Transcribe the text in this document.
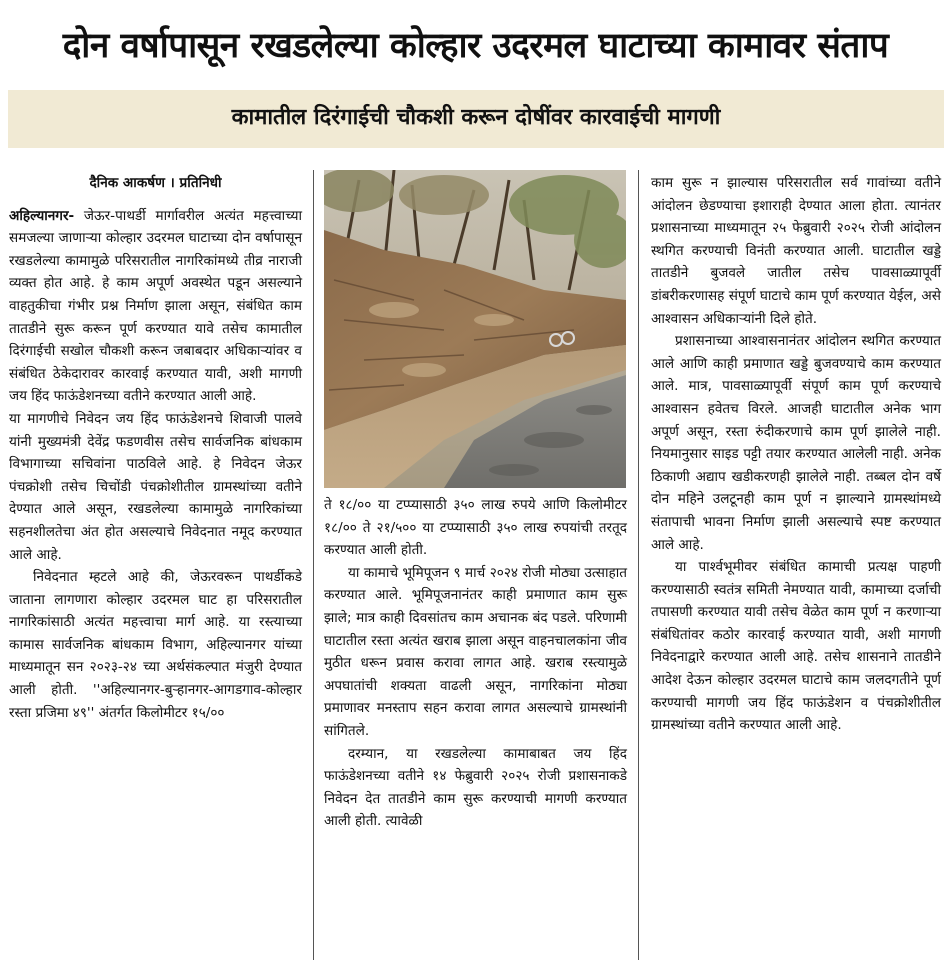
दोन वर्षापासून रखडलेल्या कोल्हार उदरमल घाटाच्या कामावर संताप
कामातील दिरंगाईची चौकशी करून दोषींवर कारवाईची मागणी

दैनिक आकर्षण । प्रतिनिधी

अहिल्यानगर- जेऊर-पाथर्डी मार्गावरील अत्यंत महत्त्वाच्या समजल्या जाणाऱ्या कोल्हार उदरमल घाटाच्या दोन वर्षापासून रखडलेल्या कामामुळे परिसरातील नागरिकांमध्ये तीव्र नाराजी व्यक्त होत आहे. हे काम अपूर्ण अवस्थेत पडून असल्याने वाहतुकीचा गंभीर प्रश्न निर्माण झाला असून, संबंधित काम तातडीने सुरू करून पूर्ण करण्यात यावे तसेच कामातील दिरंगाईची सखोल चौकशी करून जबाबदार अधिकाऱ्यांवर व संबंधित ठेकेदारावर कारवाई करण्यात यावी, अशी मागणी जय हिंद फाऊंडेशनच्या वतीने करण्यात आली आहे.

या मागणीचे निवेदन जय हिंद फाऊंडेशनचे शिवाजी पालवे यांनी मुख्यमंत्री देवेंद्र फडणवीस तसेच सार्वजनिक बांधकाम विभागाच्या सचिवांना पाठविले आहे. हे निवेदन जेऊर पंचक्रोशी तसेच चिचोंडी पंचक्रोशीतील ग्रामस्थांच्या वतीने देण्यात आले असून, रखडलेल्या कामामुळे नागरिकांच्या सहनशीलतेचा अंत होत असल्याचे निवेदनात नमूद करण्यात आले आहे.

निवेदनात म्हटले आहे की, जेऊरवरून पाथर्डीकडे जाताना लागणारा कोल्हार उदरमल घाट हा परिसरातील नागरिकांसाठी अत्यंत महत्त्वाचा मार्ग आहे. या रस्त्याच्या कामास सार्वजनिक बांधकाम विभाग, अहिल्यानगर यांच्या माध्यमातून सन २०२३-२४ च्या अर्थसंकल्पात मंजुरी देण्यात आली होती. ''अहिल्यानगर-बुऱ्हानगर-आगडगाव-कोल्हार रस्ता प्रजिमा ४९'' अंतर्गत किलोमीटर १५/००

ते १८/०० या टप्प्यासाठी ३५० लाख रुपये आणि किलोमीटर १८/०० ते २१/५०० या टप्प्यासाठी ३५० लाख रुपयांची तरतूद करण्यात आली होती.

या कामाचे भूमिपूजन ९ मार्च २०२४ रोजी मोठ्या उत्साहात करण्यात आले. भूमिपूजनानंतर काही प्रमाणात काम सुरू झाले; मात्र काही दिवसांतच काम अचानक बंद पडले. परिणामी घाटातील रस्ता अत्यंत खराब झाला असून वाहनचालकांना जीव मुठीत धरून प्रवास करावा लागत आहे. खराब रस्त्यामुळे अपघातांची शक्यता वाढली असून, नागरिकांना मोठ्या प्रमाणावर मनस्ताप सहन करावा लागत असल्याचे ग्रामस्थांनी सांगितले.

दरम्यान, या रखडलेल्या कामाबाबत जय हिंद फाऊंडेशनच्या वतीने १४ फेब्रुवारी २०२५ रोजी प्रशासनाकडे निवेदन देत तातडीने काम सुरू करण्याची मागणी करण्यात आली होती. त्यावेळी

काम सुरू न झाल्यास परिसरातील सर्व गावांच्या वतीने आंदोलन छेडण्याचा इशाराही देण्यात आला होता. त्यानंतर प्रशासनाच्या माध्यमातून २५ फेब्रुवारी २०२५ रोजी आंदोलन स्थगित करण्याची विनंती करण्यात आली. घाटातील खड्डे तातडीने बुजवले जातील तसेच पावसाळ्यापूर्वी डांबरीकरणासह संपूर्ण घाटाचे काम पूर्ण करण्यात येईल, असे आश्वासन अधिकाऱ्यांनी दिले होते.

प्रशासनाच्या आश्वासनानंतर आंदोलन स्थगित करण्यात आले आणि काही प्रमाणात खड्डे बुजवण्याचे काम करण्यात आले. मात्र, पावसाळ्यापूर्वी संपूर्ण काम पूर्ण करण्याचे आश्वासन हवेतच विरले. आजही घाटातील अनेक भाग अपूर्ण असून, रस्ता रुंदीकरणाचे काम पूर्ण झालेले नाही. नियमानुसार साइड पट्टी तयार करण्यात आलेली नाही. अनेक ठिकाणी अद्याप खडीकरणही झालेले नाही. तब्बल दोन वर्षे दोन महिने उलटूनही काम पूर्ण न झाल्याने ग्रामस्थांमध्ये संतापाची भावना निर्माण झाली असल्याचे स्पष्ट करण्यात आले आहे.

या पार्श्वभूमीवर संबंधित कामाची प्रत्यक्ष पाहणी करण्यासाठी स्वतंत्र समिती नेमण्यात यावी, कामाच्या दर्जाची तपासणी करण्यात यावी तसेच वेळेत काम पूर्ण न करणाऱ्या संबंधितांवर कठोर कारवाई करण्यात यावी, अशी मागणी निवेदनाद्वारे करण्यात आली आहे. तसेच शासनाने तातडीने आदेश देऊन कोल्हार उदरमल घाटाचे काम जलदगतीने पूर्ण करण्याची मागणी जय हिंद फाऊंडेशन व पंचक्रोशीतील ग्रामस्थांच्या वतीने करण्यात आली आहे.
